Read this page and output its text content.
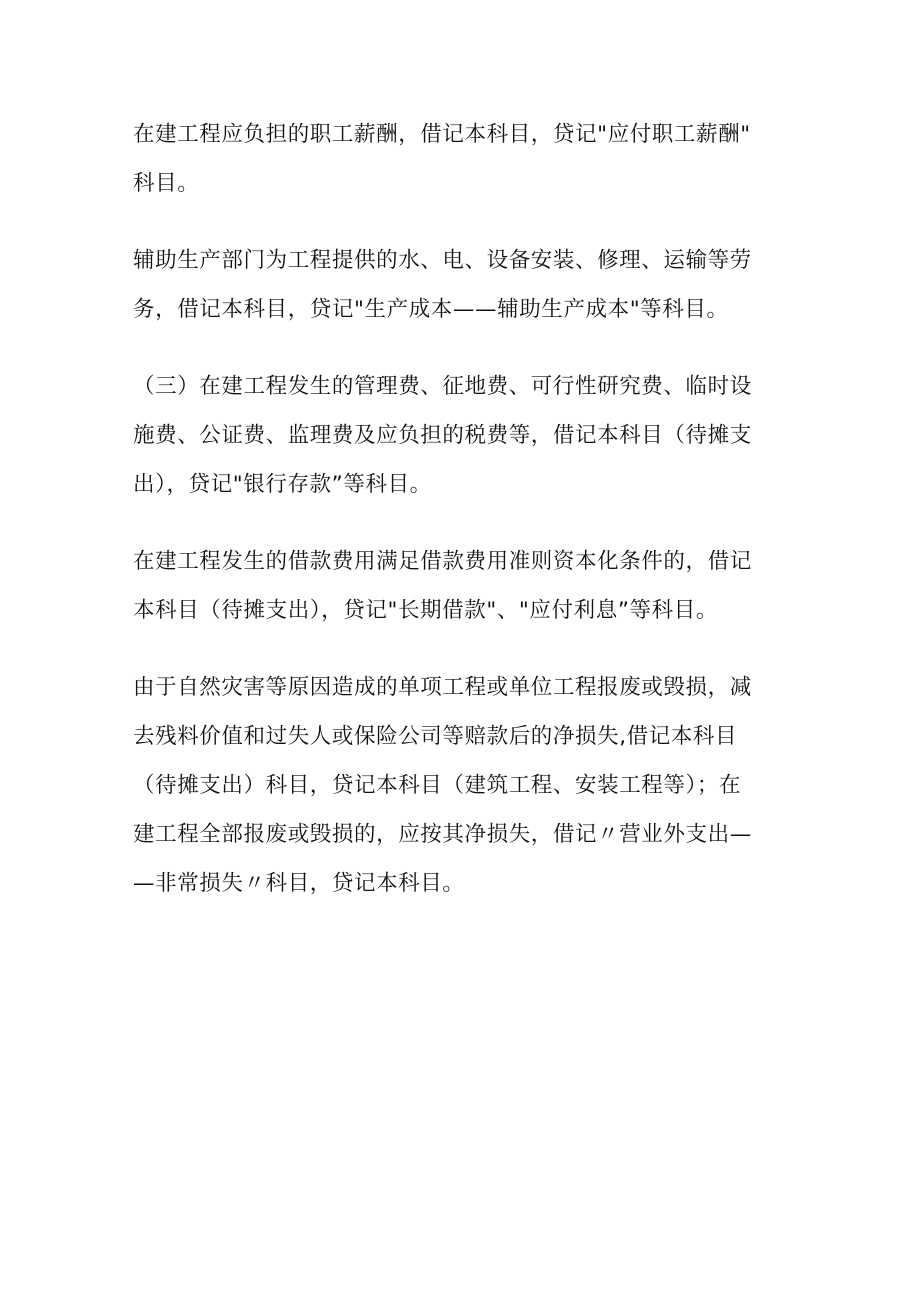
在建工程应负担的职工薪酬，借记本科目，贷记"应付职工薪酬"
科目。

辅助生产部门为工程提供的水、电、设备安装、修理、运输等劳
务，借记本科目，贷记"生产成本——辅助生产成本"等科目。

（三）在建工程发生的管理费、征地费、可行性研究费、临时设
施费、公证费、监理费及应负担的税费等，借记本科目（待摊支
出），贷记"银行存款”等科目。

在建工程发生的借款费用满足借款费用准则资本化条件的，借记
本科目（待摊支出），贷记"长期借款"、"应付利息”等科目。

由于自然灾害等原因造成的单项工程或单位工程报废或毁损，减
去残料价值和过失人或保险公司等赔款后的净损失,借记本科目
（待摊支出）科目，贷记本科目（建筑工程、安装工程等）；在
建工程全部报废或毁损的，应按其净损失，借记〃营业外支出—
—非常损失〃科目，贷记本科目。
